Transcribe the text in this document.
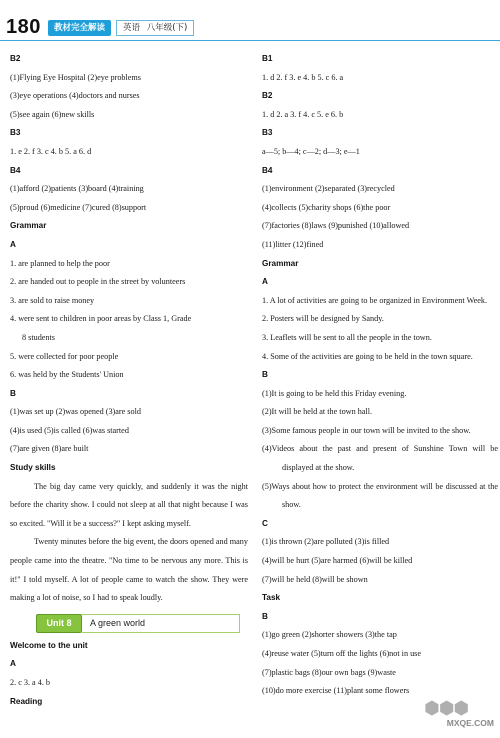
180	教材完全解读	英语 八年级(下)
B2
(1)Flying Eye Hospital (2)eye problems
(3)eye operations (4)doctors and nurses
(5)see again (6)new skills
B3
1. e 2. f 3. c 4. b 5. a 6. d
B4
(1)afford (2)patients (3)board (4)training
(5)proud (6)medicine (7)cured (8)support
Grammar
A
1. are planned to help the poor
2. are handed out to people in the street by volunteers
3. are sold to raise money
4. were sent to children in poor areas by Class 1, Grade
8 students
5. were collected for poor people
6. was held by the Students' Union
B
(1)was set up (2)was opened (3)are sold
(4)is used (5)is called (6)was started
(7)are given (8)are built
Study skills
The big day came very quickly, and suddenly it was the night before the charity show. I could not sleep at all that night because I was so excited. "Will it be a success?" I kept asking myself.
Twenty minutes before the big event, the doors opened and many people came into the theatre. "No time to be nervous any more. This is it!" I told myself. A lot of people came to watch the show. They were making a lot of noise, so I had to speak loudly.
Unit 8	A green world
Welcome to the unit
A
2. c 3. a 4. b
Reading
B1
1. d 2. f 3. e 4. b 5. c 6. a
B2
1. d 2. a 3. f 4. c 5. e 6. b
B3
a—5; b—4; c—2; d—3; e—1
B4
(1)environment (2)separated (3)recycled
(4)collects (5)charity shops (6)the poor
(7)factories (8)laws (9)punished (10)allowed
(11)litter (12)fined
Grammar
A
1. A lot of activities are going to be organized in Environment Week.
2. Posters will be designed by Sandy.
3. Leaflets will be sent to all the people in the town.
4. Some of the activities are going to be held in the town square.
B
(1)It is going to be held this Friday evening.
(2)It will be held at the town hall.
(3)Some famous people in our town will be invited to the show.
(4)Videos about the past and present of Sunshine Town will be displayed at the show.
(5)Ways about how to protect the environment will be discussed at the show.
C
(1)is thrown (2)are polluted (3)is filled
(4)will be hurt (5)are harmed (6)will be killed
(7)will be held (8)will be shown
Task
B
(1)go green (2)shorter showers (3)the tap
(4)reuse water (5)turn off the lights (6)not in use
(7)plastic bags (8)our own bags (9)waste
(10)do more exercise (11)plant some flowers
⬢⬢⬢
MXQE.COM
